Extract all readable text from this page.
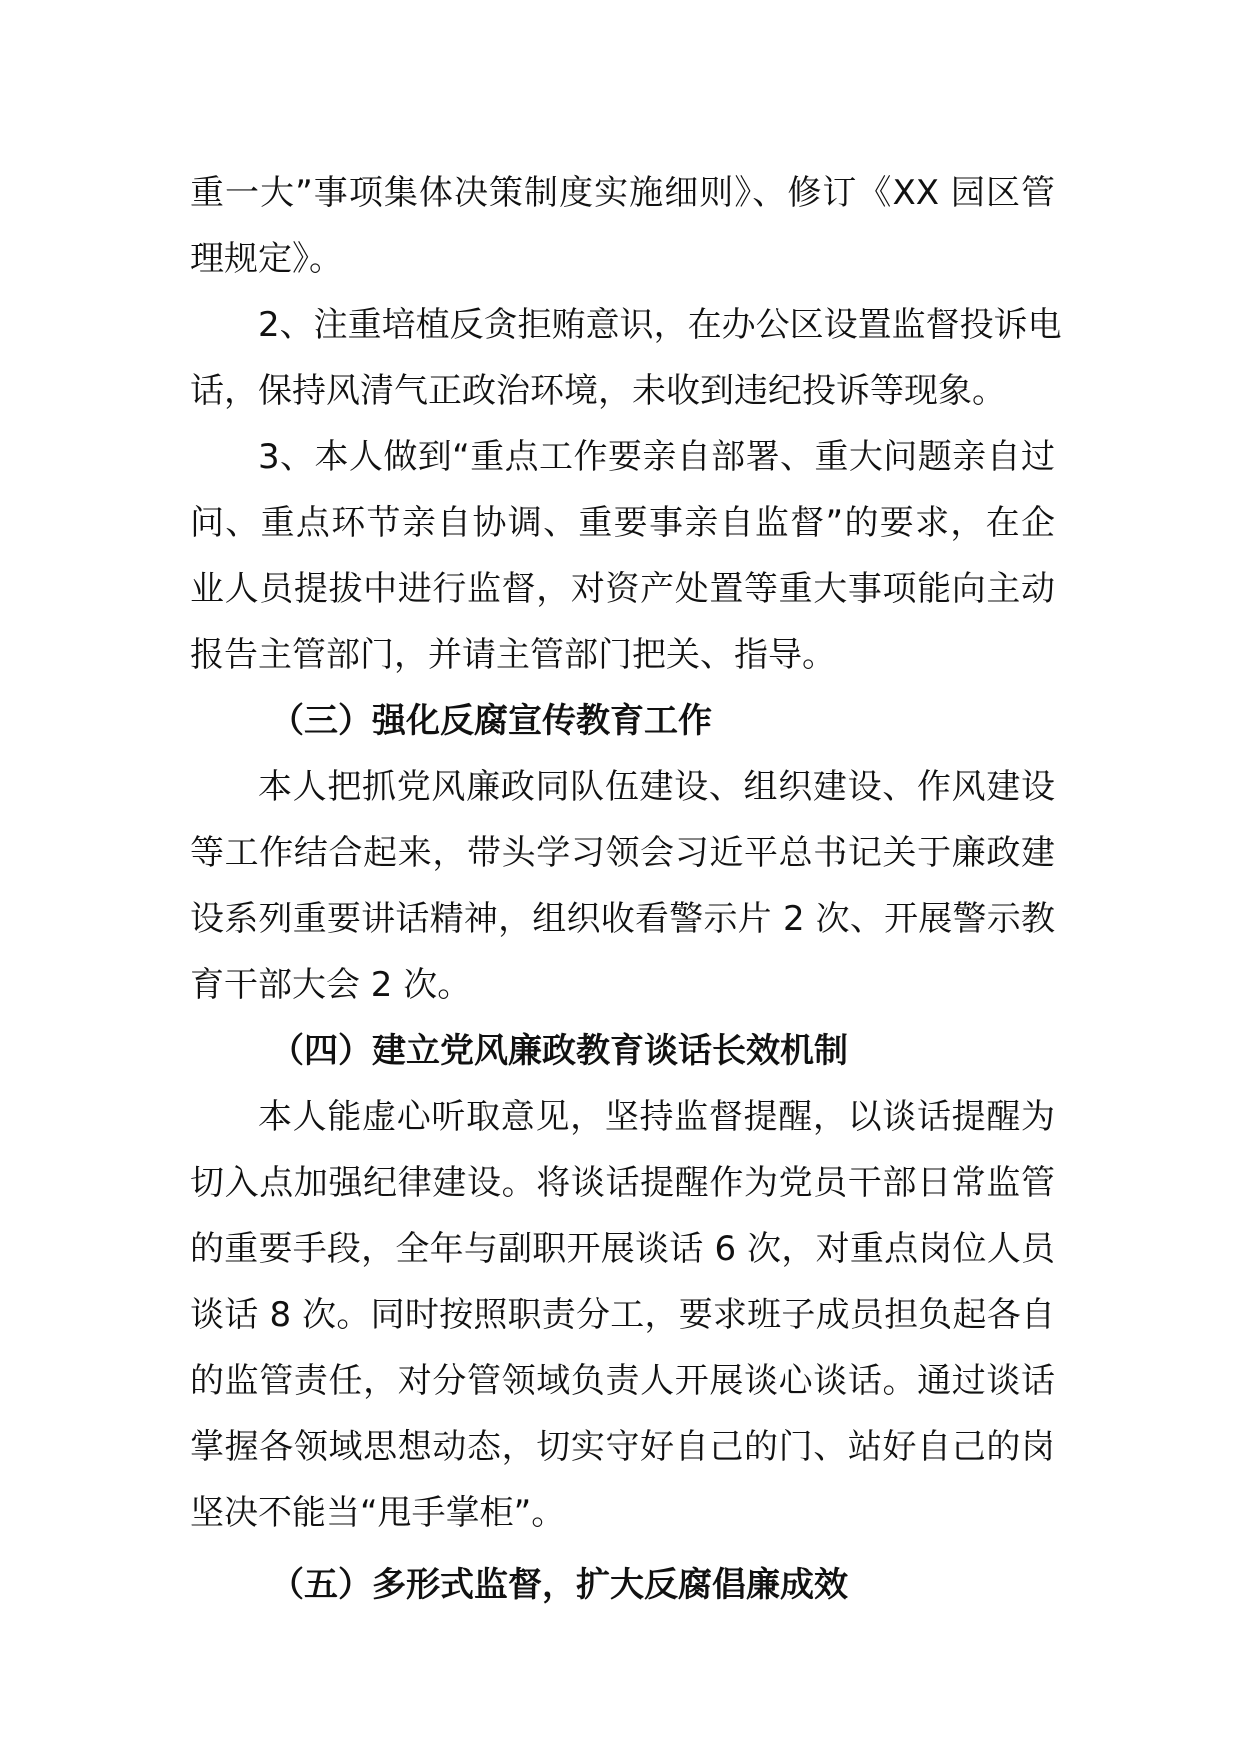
重一大”事项集体决策制度实施细则》、修订《XX 园区管
理规定》。
2、注重培植反贪拒贿意识，在办公区设置监督投诉电
话，保持风清气正政治环境，未收到违纪投诉等现象。
3、本人做到“重点工作要亲自部署、重大问题亲自过
问、重点环节亲自协调、重要事亲自监督”的要求，在企
业人员提拔中进行监督，对资产处置等重大事项能向主动
报告主管部门，并请主管部门把关、指导。
（三）强化反腐宣传教育工作
本人把抓党风廉政同队伍建设、组织建设、作风建设
等工作结合起来，带头学习领会习近平总书记关于廉政建
设系列重要讲话精神，组织收看警示片 2 次、开展警示教
育干部大会 2 次。
（四）建立党风廉政教育谈话长效机制
本人能虚心听取意见，坚持监督提醒，以谈话提醒为
切入点加强纪律建设。将谈话提醒作为党员干部日常监管
的重要手段，全年与副职开展谈话 6 次，对重点岗位人员
谈话 8 次。同时按照职责分工，要求班子成员担负起各自
的监管责任，对分管领域负责人开展谈心谈话。通过谈话
掌握各领域思想动态，切实守好自己的门、站好自己的岗
坚决不能当“甩手掌柜”。
（五）多形式监督，扩大反腐倡廉成效
